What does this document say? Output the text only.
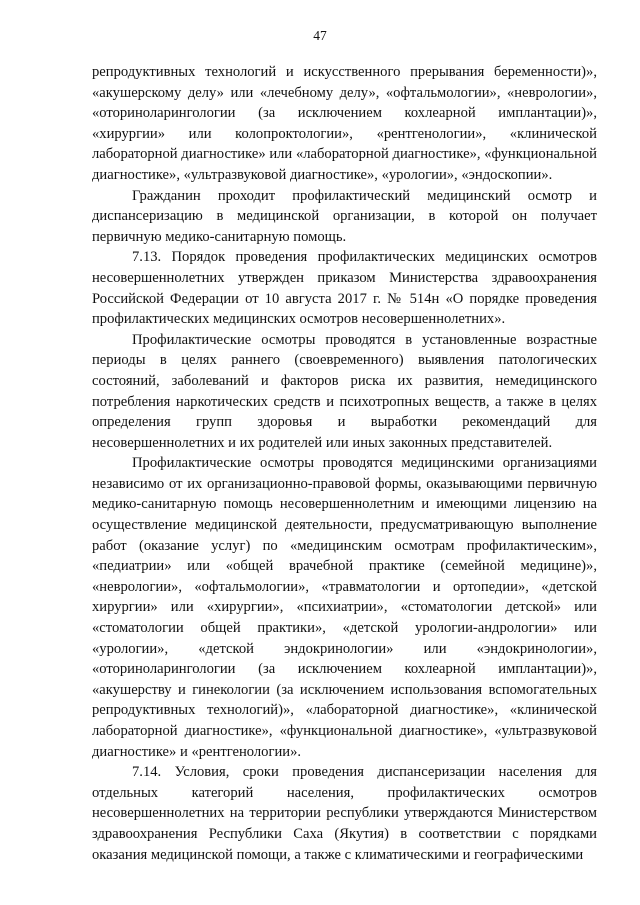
47

репродуктивных технологий и искусственного прерывания беременности)», «акушерскому делу» или «лечебному делу», «офтальмологии», «неврологии», «оториноларингологии (за исключением кохлеарной имплантации)», «хирургии» или колопроктологии», «рентгенологии», «клинической лабораторной диагностике» или «лабораторной диагностике», «функциональной диагностике», «ультразвуковой диагностике», «урологии», «эндоскопии».

Гражданин проходит профилактический медицинский осмотр и диспансеризацию в медицинской организации, в которой он получает первичную медико-санитарную помощь.

7.13. Порядок проведения профилактических медицинских осмотров несовершеннолетних утвержден приказом Министерства здравоохранения Российской Федерации от 10 августа 2017 г. № 514н «О порядке проведения профилактических медицинских осмотров несовершеннолетних».

Профилактические осмотры проводятся в установленные возрастные периоды в целях раннего (своевременного) выявления патологических состояний, заболеваний и факторов риска их развития, немедицинского потребления наркотических средств и психотропных веществ, а также в целях определения групп здоровья и выработки рекомендаций для несовершеннолетних и их родителей или иных законных представителей.

Профилактические осмотры проводятся медицинскими организациями независимо от их организационно-правовой формы, оказывающими первичную медико-санитарную помощь несовершеннолетним и имеющими лицензию на осуществление медицинской деятельности, предусматривающую выполнение работ (оказание услуг) по «медицинским осмотрам профилактическим», «педиатрии» или «общей врачебной практике (семейной медицине)», «неврологии», «офтальмологии», «травматологии и ортопедии», «детской хирургии» или «хирургии», «психиатрии», «стоматологии детской» или «стоматологии общей практики», «детской урологии-андрологии» или «урологии», «детской эндокринологии» или «эндокринологии», «оториноларингологии (за исключением кохлеарной имплантации)», «акушерству и гинекологии (за исключением использования вспомогательных репродуктивных технологий)», «лабораторной диагностике», «клинической лабораторной диагностике», «функциональной диагностике», «ультразвуковой диагностике» и «рентгенологии».

7.14. Условия, сроки проведения диспансеризации населения для отдельных категорий населения, профилактических осмотров несовершеннолетних на территории республики утверждаются Министерством здравоохранения Республики Саха (Якутия) в соответствии с порядками оказания медицинской помощи, а также с климатическими и географическими
